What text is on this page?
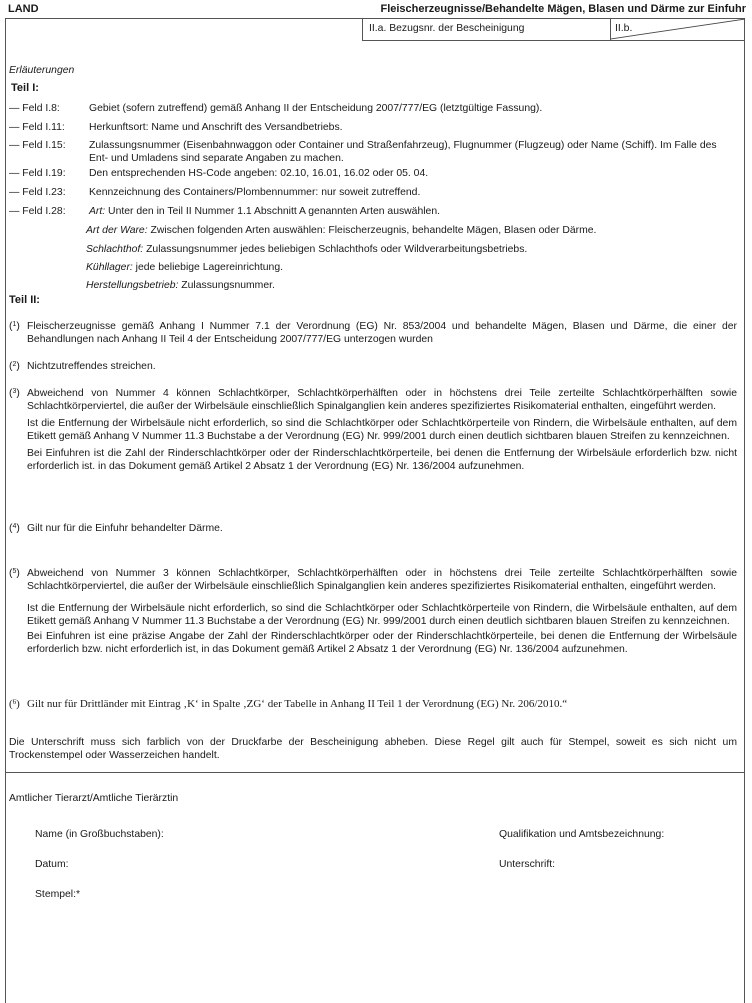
LAND	Fleischerzeugnisse/Behandelte Mägen, Blasen und Därme zur Einfuhr
II.a. Bezugsnr. der Bescheinigung	II.b.
Erläuterungen
Teil I:
— Feld I.8:	Gebiet (sofern zutreffend) gemäß Anhang II der Entscheidung 2007/777/EG (letztgültige Fassung).
— Feld I.11:	Herkunftsort: Name und Anschrift des Versandbetriebs.
— Feld I.15:	Zulassungsnummer (Eisenbahnwaggon oder Container und Straßenfahrzeug), Flugnummer (Flugzeug) oder Name (Schiff). Im Falle des Ent- und Umladens sind separate Angaben zu machen.
— Feld I.19:	Den entsprechenden HS-Code angeben: 02.10, 16.01, 16.02 oder 05. 04.
— Feld I.23:	Kennzeichnung des Containers/Plombennummer: nur soweit zutreffend.
— Feld I.28:	Art: Unter den in Teil II Nummer 1.1 Abschnitt A genannten Arten auswählen.
Art der Ware: Zwischen folgenden Arten auswählen: Fleischerzeugnis, behandelte Mägen, Blasen oder Därme.
Schlachthof: Zulassungsnummer jedes beliebigen Schlachthofs oder Wildverarbeitungsbetriebs.
Kühllager: jede beliebige Lagereinrichtung.
Herstellungsbetrieb: Zulassungsnummer.
Teil II:
($^1$) Fleischerzeugnisse gemäß Anhang I Nummer 7.1 der Verordnung (EG) Nr. 853/2004 und behandelte Mägen, Blasen und Därme, die einer der Behandlungen nach Anhang II Teil 4 der Entscheidung 2007/777/EG unterzogen wurden

($^2$) Nichtzutreffendes streichen.

($^3$) Abweichend von Nummer 4 können Schlachtkörper, Schlachtkörperhälften oder in höchstens drei Teile zerteilte Schlachtkörperhälften sowie Schlachtkörperviertel, die außer der Wirbelsäule einschließlich Spinalganglien kein anderes spezifiziertes Risikomaterial enthalten, eingeführt werden.

Ist die Entfernung der Wirbelsäule nicht erforderlich, so sind die Schlachtkörper oder Schlachtkörperteile von Rindern, die Wirbelsäule enthalten, auf dem Etikett gemäß Anhang V Nummer 11.3 Buchstabe a der Verordnung (EG) Nr. 999/2001 durch einen deutlich sichtbaren blauen Streifen zu kennzeichnen.

Bei Einfuhren ist die Zahl der Rinderschlachtkörper oder der Rinderschlachtkörperteile, bei denen die Entfernung der Wirbelsäule erforderlich bzw. nicht erforderlich ist. in das Dokument gemäß Artikel 2 Absatz 1 der Verordnung (EG) Nr. 136/2004 aufzunehmen.

($^4$) Gilt nur für die Einfuhr behandelter Därme.

($^5$) Abweichend von Nummer 3 können Schlachtkörper, Schlachtkörperhälften oder in höchstens drei Teile zerteilte Schlachtkörperhälften sowie Schlachtkörperviertel, die außer der Wirbelsäule einschließlich Spinalganglien kein anderes spezifiziertes Risikomaterial enthalten, eingeführt werden.

Ist die Entfernung der Wirbelsäule nicht erforderlich, so sind die Schlachtkörper oder Schlachtkörperteile von Rindern, die Wirbelsäule enthalten, auf dem Etikett gemäß Anhang V Nummer 11.3 Buchstabe a der Verordnung (EG) Nr. 999/2001 durch einen deutlich sichtbaren blauen Streifen zu kennzeichnen.

Bei Einfuhren ist eine präzise Angabe der Zahl der Rinderschlachtkörper oder der Rinderschlachtkörperteile, bei denen die Entfernung der Wirbelsäule erforderlich bzw. nicht erforderlich ist, in das Dokument gemäß Artikel 2 Absatz 1 der Verordnung (EG) Nr. 136/2004 aufzunehmen.

($^6$) Gilt nur für Drittländer mit Eintrag ‚K‘ in Spalte ‚ZG‘ der Tabelle in Anhang II Teil 1 der Verordnung (EG) Nr. 206/2010.“

Die Unterschrift muss sich farblich von der Druckfarbe der Bescheinigung abheben. Diese Regel gilt auch für Stempel, soweit es sich nicht um Trockenstempel oder Wasserzeichen handelt.
Amtlicher Tierarzt/Amtliche Tierärztin
Name (in Großbuchstaben):	Qualifikation und Amtsbezeichnung:
Datum:	Unterschrift:
Stempel:*
